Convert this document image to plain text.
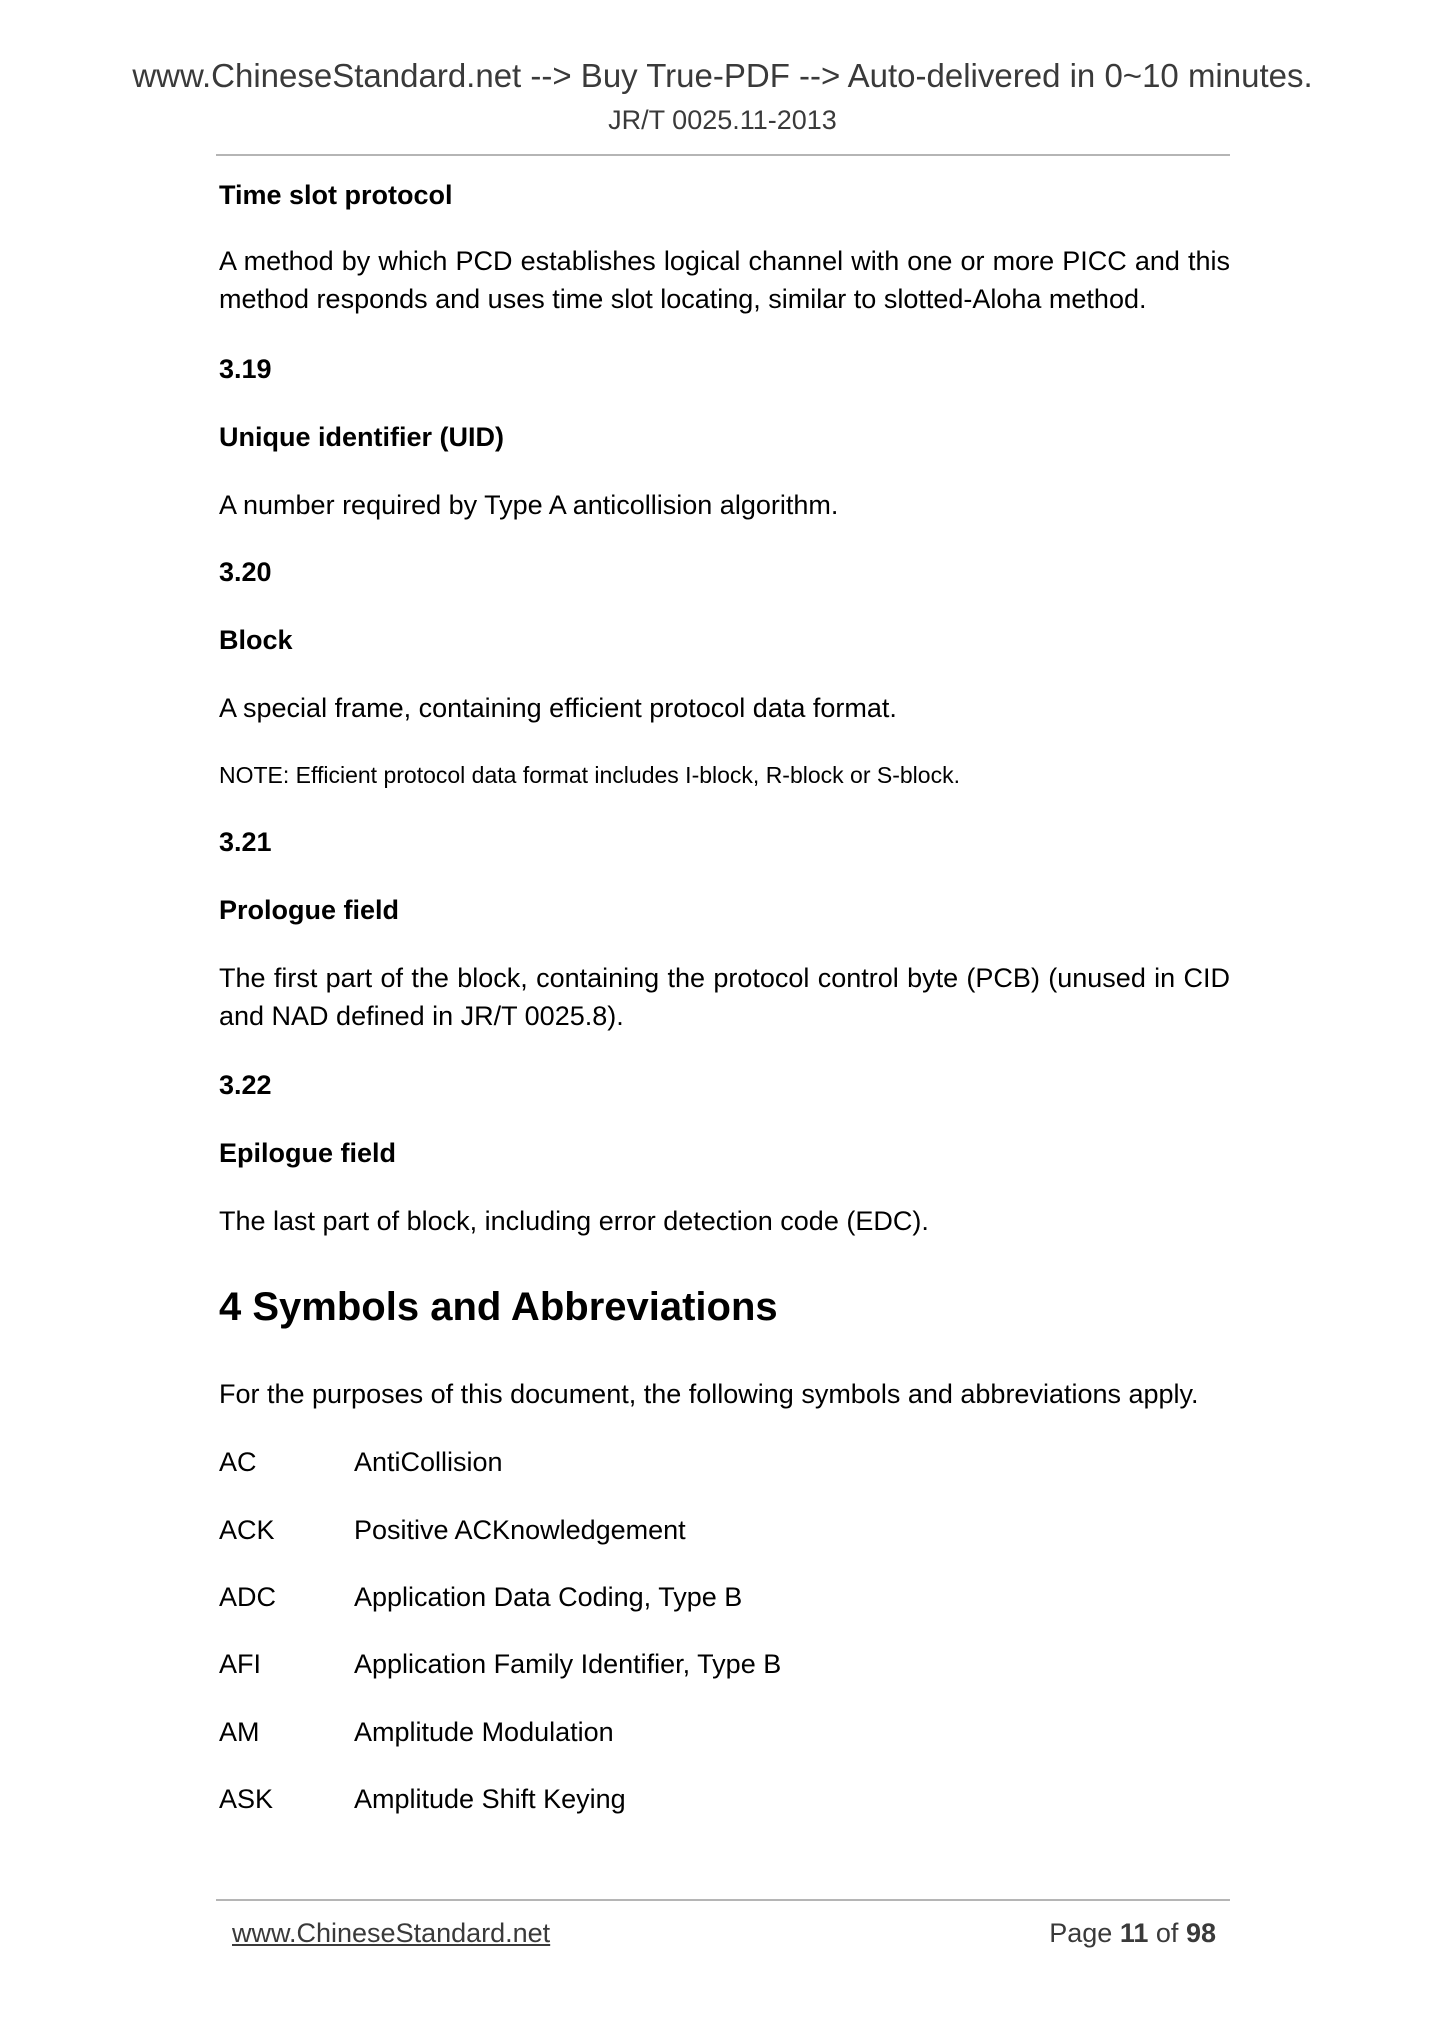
www.ChineseStandard.net --> Buy True-PDF --> Auto-delivered in 0~10 minutes.
JR/T 0025.11-2013
Time slot protocol
A method by which PCD establishes logical channel with one or more PICC and this method responds and uses time slot locating, similar to slotted-Aloha method.
3.19
Unique identifier (UID)
A number required by Type A anticollision algorithm.
3.20
Block
A special frame, containing efficient protocol data format.
NOTE: Efficient protocol data format includes I-block, R-block or S-block.
3.21
Prologue field
The first part of the block, containing the protocol control byte (PCB) (unused in CID and NAD defined in JR/T 0025.8).
3.22
Epilogue field
The last part of block, including error detection code (EDC).
4 Symbols and Abbreviations
For the purposes of this document, the following symbols and abbreviations apply.
AC	AntiCollision
ACK	Positive ACKnowledgement
ADC	Application Data Coding, Type B
AFI	Application Family Identifier, Type B
AM	Amplitude Modulation
ASK	Amplitude Shift Keying
www.ChineseStandard.net	Page 11 of 98
